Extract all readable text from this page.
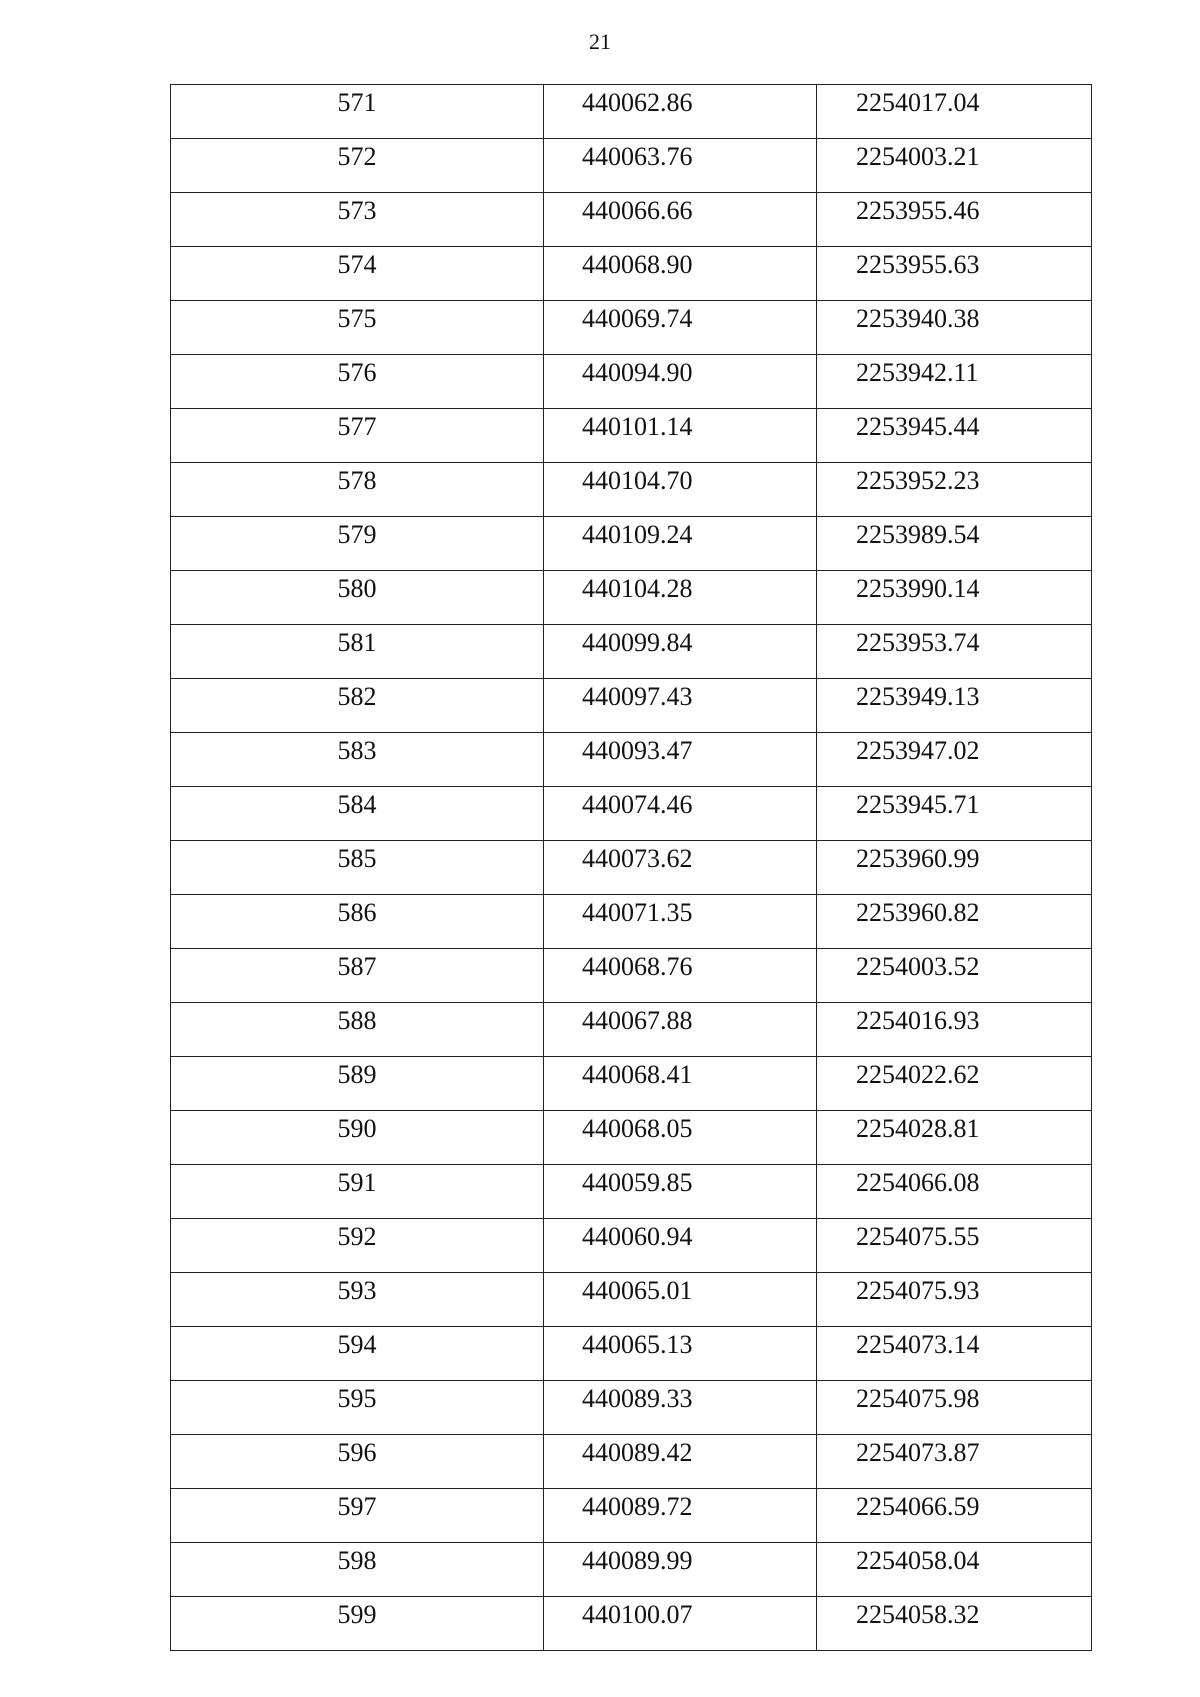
21
571	440062.86	2254017.04
572	440063.76	2254003.21
573	440066.66	2253955.46
574	440068.90	2253955.63
575	440069.74	2253940.38
576	440094.90	2253942.11
577	440101.14	2253945.44
578	440104.70	2253952.23
579	440109.24	2253989.54
580	440104.28	2253990.14
581	440099.84	2253953.74
582	440097.43	2253949.13
583	440093.47	2253947.02
584	440074.46	2253945.71
585	440073.62	2253960.99
586	440071.35	2253960.82
587	440068.76	2254003.52
588	440067.88	2254016.93
589	440068.41	2254022.62
590	440068.05	2254028.81
591	440059.85	2254066.08
592	440060.94	2254075.55
593	440065.01	2254075.93
594	440065.13	2254073.14
595	440089.33	2254075.98
596	440089.42	2254073.87
597	440089.72	2254066.59
598	440089.99	2254058.04
599	440100.07	2254058.32
